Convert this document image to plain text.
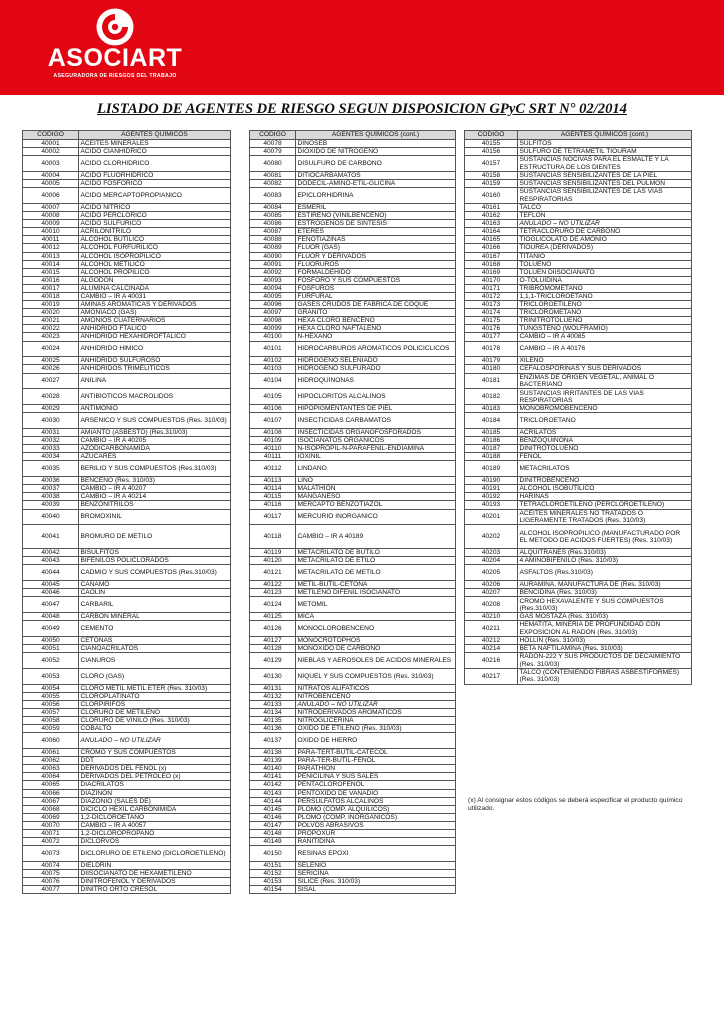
ASOCIART
ASEGURADORA DE RIESGOS DEL TRABAJO
LISTADO DE AGENTES DE RIESGO SEGUN DISPOSICION GPyC SRT N° 02/2014
CODIGO	AGENTES QUÍMICOS
40001	ACEITES MINERALES
40002	ACIDO CIANHIDRICO
40003	ACIDO CLORHIDRICO
40004	ACIDO FLUORHIDRICO
40005	ACIDO FOSFORICO
40006	ACIDO MERCAPTOPROPIANICO
40007	ACIDO NITRICO
40008	ACIDO PERCLORICO
40009	ACIDO SULFURICO
40010	ACRILONITRILO
40011	ALCOHOL BUTILICO
40012	ALCOHOL FURFURILICO
40013	ALCOHOL ISOPROPILICO
40014	ALCOHOL METILICO
40015	ALCOHOL PROPILICO
40016	ALGODÓN
40017	ALUMINA CALCINADA
40018	CAMBIO – IR A 40031
40019	AMINAS AROMATICAS Y DERIVADOS
40020	AMONIACO (GAS)
40021	AMONIOS CUATERNARIOS
40022	ANHIDRIDO FTALICO
40023	ANHIDRIDO HEXAHIDROFTALICO
40024	ANHIDRIDO HIMICO
40025	ANHIDRIDO SULFUROSO
40026	ANHIDRIDOS TRIMELITICOS
40027	ANILINA
40028	ANTIBIOTICOS MACROLIDOS
40029	ANTIMONIO
40030	ARSENICO Y SUS COMPUESTOS (Res. 310/03)
40031	AMIANTO (ASBESTO) (Res.310/03)
40032	CAMBIO – IR A 40205
40033	AZODICARBONAMIDA
40034	AZUCARES
40035	BERILIO Y SUS COMPUESTOS (Res.310/03)
40036	BENCENO (Res. 310/03)
40037	CAMBIO – IR A 40207
40038	CAMBIO – IR A 40214
40039	BENZONITRILOS
40040	BROMOXINIL
40041	BROMURO DE METILO
40042	BISULFITOS
40043	BIFENILOS POLICLORADOS
40044	CADMIO Y SUS COMPUESTOS (Res.310/03)
40045	CAÑAMO
40046	CAOLIN
40047	CARBARIL
40048	CARBON MINERAL
40049	CEMENTO
40050	CETONAS
40051	CIANOACRILATOS
40052	CIANUROS
40053	CLORO (GAS)
40054	CLORO METIL METIL ETER (Res. 310/03)
40055	CLOROPLATINATO
40056	CLORPIRIFOS
40057	CLORURO DE METILENO
40058	CLORURO DE VINILO (Res. 310/03)
40059	COBALTO
40060	ANULADO – NO UTILIZAR
40061	CROMO Y SUS COMPUESTOS
40062	DDT
40063	DERIVADOS DEL FENOL (x)
40064	DERIVADOS DEL PETROLEO (x)
40065	DIACRILATOS
40066	DIAZINON
40067	DIAZONIO (SALES DE)
40068	DICICLO HEXIL CARBONIMIDA
40069	1,2-DICLOROETANO
40070	CAMBIO – IR A 40057
40071	1,2-DICLOROPROPANO
40072	DICLORVOS
40073	DICLORURO DE ETILENO (DICLOROETILENO)
40074	DIELDRIN
40075	DIISOCIANATO DE HEXAMETILENO
40076	DINITROFENOL Y DERIVADOS
40077	DINITRO ORTO CRESOL
CODIGO	AGENTES QUÍMICOS (cont.)
40078	DINOSEB
40079	DIOXIDO DE NITROGENO
40080	DISULFURO DE CARBONO
40081	DITIOCARBAMATOS
40082	DODECIL-AMINO-ETIL-GLICINA
40083	EPICLORHIDRINA
40084	ESMERIL
40085	ESTIRENO (VINILBENCENO)
40086	ESTRÓGENOS DE SINTESIS
40087	ETERES
40088	FENOTIAZINAS
40089	FLUOR (GAS)
40090	FLUOR Y DERIVADOS
40091	FLUORUROS
40092	FORMALDEHIDO
40093	FOSFORO Y SUS COMPUESTOS
40094	FOSFUROS
40095	FURFURAL
40096	GASES CRUDOS DE FABRICA DE COQUE
40097	GRANITO
40098	HEXA CLORO BENCENO
40099	HEXA CLORO NAFTALENO
40100	N-HEXANO
40101	HIDROCARBUROS AROMATICOS POLICICLICOS
40102	HIDROGENO SELENIADO
40103	HIDROGENO SULFURADO
40104	HIDROQUINONAS
40105	HIPOCLORITOS ALCALINOS
40106	HIPOPIGMENTANTES DE PIEL
40107	INSECTICIDAS CARBAMATOS
40108	INSECTICIDAS ORGANOFOSFORADOS
40109	ISOCIANATOS ORGANICOS
40110	N-ISOPROPIL-N-PARAFENIL-ENDIAMINA
40111	IOXINIL
40112	LINDANO
40113	LINO
40114	MALATHION
40115	MANGANESO
40116	MERCAPTO BENZOTIAZOL
40117	MERCURIO INORGANICO
40118	CAMBIO – IR A 40189
40119	METACRILATO DE BUTILO
40120	METACRILATO DE ETILO
40121	METACRILATO DE METILO
40122	METIL-BUTIL-CETONA
40123	METILENO DIFENIL ISOCIANATO
40124	METOMIL
40125	MICA
40126	MONOCLOROBENCENO
40127	MONOCROTOPHOS
40128	MONOXIDO DE CARBONO
40129	NIEBLAS Y AEROSOLES DE ACIDOS MINERALES
40130	NIQUEL Y SUS COMPUESTOS (Res. 310/03)
40131	NITRATOS ALIFATICOS
40132	NITROBENCENO
40133	ANULADO – NO UTILIZAR
40134	NITRODERIVADOS AROMATICOS
40135	NITROGLICERINA
40136	OXIDO DE ETILENO (Res. 310/03)
40137	OXIDO DE HIERRO
40138	PARA-TERT-BUTIL-CATECOL
40139	PARA-TER-BUTIL-FENOL
40140	PARATHION
40141	PENICILINA Y SUS SALES
40142	PENTACLOROFENOL
40143	PENTOXIDO DE VANADIO
40144	PERSULFATOS ALCALINOS
40145	PLOMO (COMP. ALQUILICOS)
40146	PLOMO (COMP. INORGANICOS)
40147	POLVOS ABRASIVOS
40148	PROPOXUR
40149	RANITIDINA
40150	RESINAS EPOXI
40151	SELENIO
40152	SERICINA
40153	SILICE (Res. 310/03)
40154	SISAL
CODIGO	AGENTES QUÍMICOS (cont.)
40155	SULFITOS
40156	SULFURO DE TETRAMETIL TIOURAM
40157	SUSTANCIAS NOCIVAS PARA EL ESMALTE Y LA ESTRUCTURA DE LOS DIENTES
40158	SUSTANCIAS SENSIBILIZANTES DE LA PIEL
40159	SUSTANCIAS SENSIBILIZANTES DEL PULMON
40160	SUSTANCIAS SENSIBILIZANTES DE LAS VIAS RESPIRATORIAS
40161	TALCO
40162	TEFLON
40163	ANULADO – NO UTILIZAR
40164	TETRACLORURO DE CARBONO
40165	TIOGLICOLATO DE AMONIO
40166	TIOUREA (DERIVADOS)
40167	TITANIO
40168	TOLUENO
40169	TOLUEN DIISOCIANATO
40170	O-TOLUIDINA
40171	TRIBROMOMETANO
40172	1,1,1-TRICLOROETANO
40173	TRICLOROETILENO
40174	TRICLOROMETANO
40175	TRINITROTOLUENO
40176	TUNGSTENO (WOLFRAMIO)
40177	CAMBIO – IR A 40085
40178	CAMBIO – IR A 40176
40179	XILENO
40180	CEFALOSPORINAS Y SUS DERIVADOS
40181	ENZIMAS DE ORIGEN VEGETAL, ANIMAL O BACTERIANO
40182	SUSTANCIAS IRRITANTES DE LAS VIAS RESPIRATORIAS
40183	MONOBROMOBENCENO
40184	TRICLOROETANO
40185	ACRILATOS
40186	BENZOQUINONA
40187	DINITROTOLUENO
40188	FENOL
40189	METACRILATOS
40190	DINITROBENCENO
40191	ALCOHOL ISOBUTÍLICO
40192	HARINAS
40193	TETRACLOROETILENO (PERCLOROETILENO)
40201	ACEITES MINERALES NO TRATADOS O LIGERAMENTE TRATADOS (Res. 310/03)
40202	ALCOHOL ISOPROPILICO (MANUFACTURADO POR EL METODO DE ACIDOS FUERTES) (Res. 310/03)
40203	ALQUITRANES (Res.310/03)
40204	4 AMINOBIFENILO (Res. 310/03)
40205	ASFALTOS (Res.310/03)
40206	AURAMINA, MANUFACTURA DE (Res. 310/03)
40207	BENCIDINA (Res. 310/03)
40208	CROMO HEXAVALENTE Y SUS COMPUESTOS (Res.310/03)
40210	GAS MOSTAZA (Res. 310/03)
40211	HEMATITA, MINERIA DE PROFUNDIDAD CON EXPOSICION AL RADON (Res. 310/03)
40212	HOLLIN (Res. 310/03)
40214	BETA NAFTILAMINA (Res. 310/03)
40216	RADON-222 Y SUS PRODUCTOS DE DECAIMIENTO (Res. 310/03)
40217	TALCO (CONTENIENDO FIBRAS ASBESTIFORMES) (Res. 310/03)
(x) Al consignar estos códigos se deberá especificar el producto químico utilizado.
